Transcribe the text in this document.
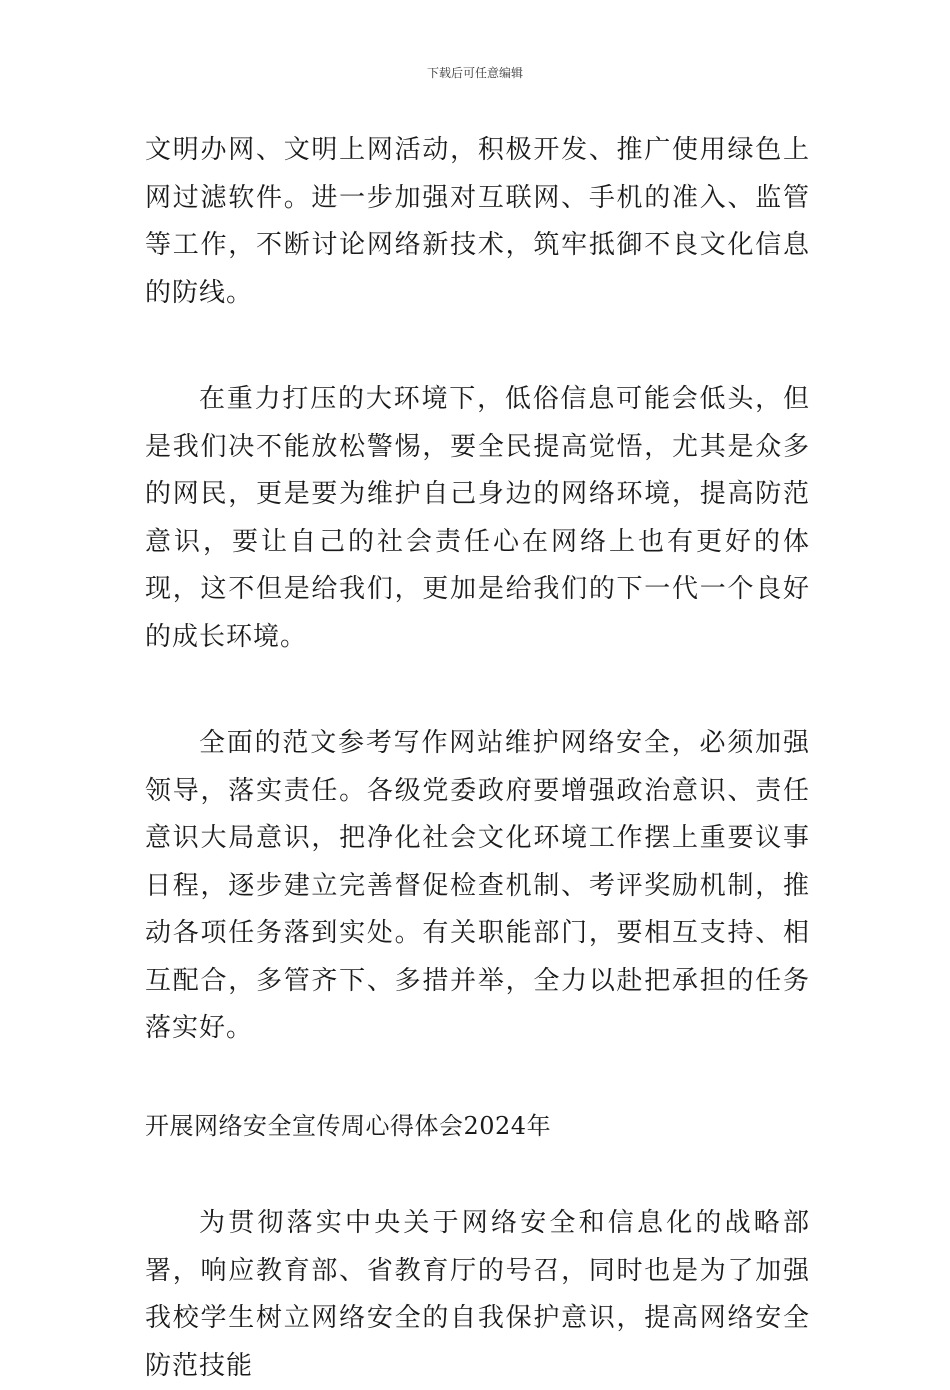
下载后可任意编辑

文明办网、文明上网活动，积极开发、推广使用绿色上网过滤软件。进一步加强对互联网、手机的准入、监管等工作，不断讨论网络新技术，筑牢抵御不良文化信息的防线。

在重力打压的大环境下，低俗信息可能会低头，但是我们决不能放松警惕，要全民提高觉悟，尤其是众多的网民，更是要为维护自己身边的网络环境，提高防范意识，要让自己的社会责任心在网络上也有更好的体现，这不但是给我们，更加是给我们的下一代一个良好的成长环境。

全面的范文参考写作网站维护网络安全，必须加强领导，落实责任。各级党委政府要增强政治意识、责任意识大局意识，把净化社会文化环境工作摆上重要议事日程，逐步建立完善督促检查机制、考评奖励机制，推动各项任务落到实处。有关职能部门，要相互支持、相互配合，多管齐下、多措并举，全力以赴把承担的任务落实好。

开展网络安全宣传周心得体会2024年

为贯彻落实中央关于网络安全和信息化的战略部署，响应教育部、省教育厅的号召，同时也是为了加强我校学生树立网络安全的自我保护意识，提高网络安全防范技能
